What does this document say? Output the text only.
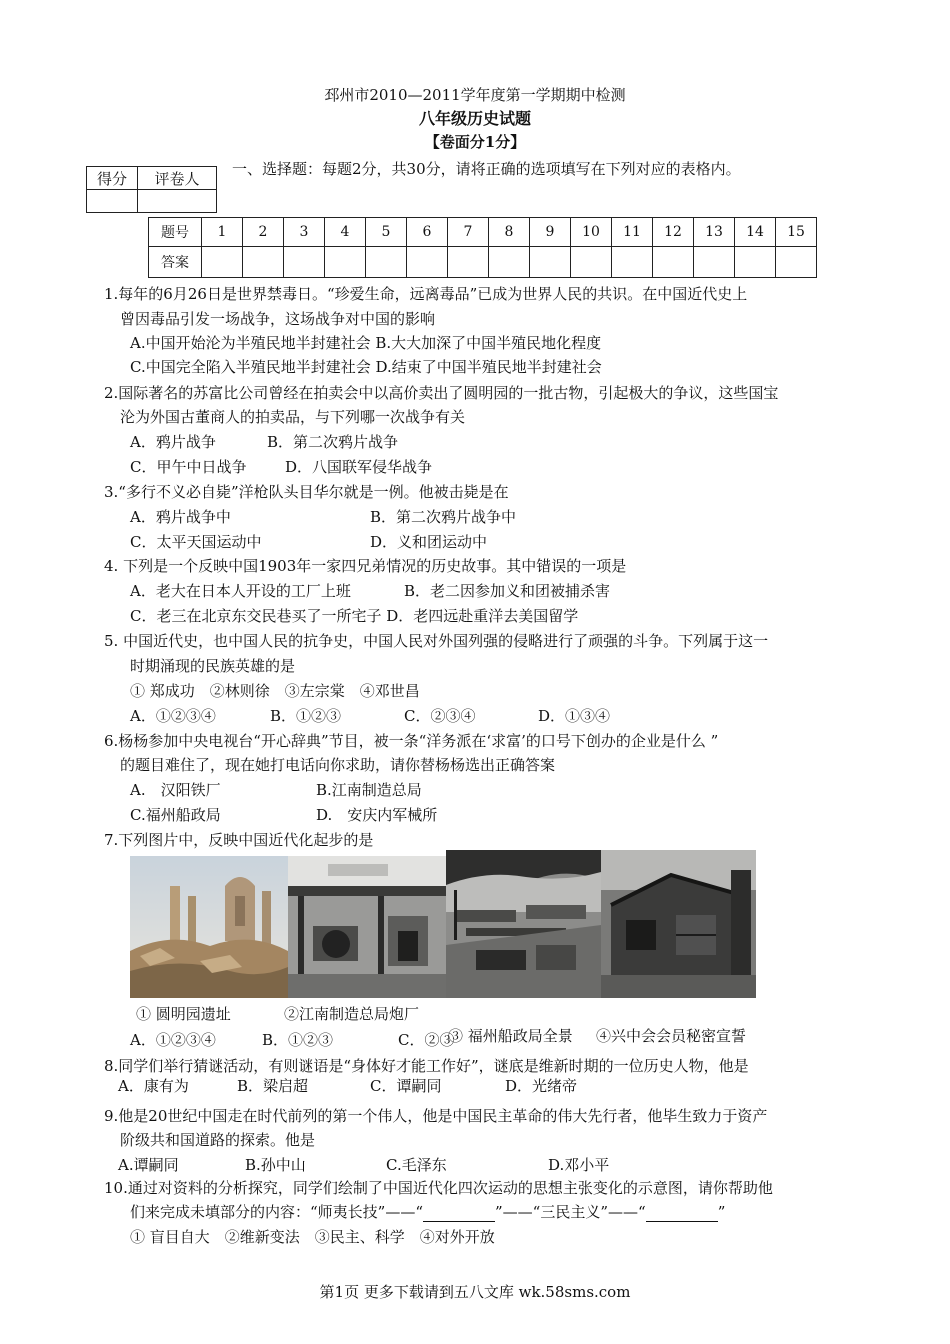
邳州市2010—2011学年度第一学期期中检测
八年级历史试题
【卷面分1分】
得分	评卷人

一、选择题：每题2分，共30分，请将正确的选项填写在下列对应的表格内。
题号	1	2	3	4	5	6	7	8	9	10	11	12	13	14	15
答案															
1.每年的6月26日是世界禁毒日。“珍爱生命，远离毒品”已成为世界人民的共识。在中国近代史上
曾因毒品引发一场战争，这场战争对中国的影响
A.中国开始沦为半殖民地半封建社会 B.大大加深了中国半殖民地化程度
C.中国完全陷入半殖民地半封建社会 D.结束了中国半殖民地半封建社会
2.国际著名的苏富比公司曾经在拍卖会中以高价卖出了圆明园的一批古物，引起极大的争议，这些国宝
沦为外国古董商人的拍卖品，与下列哪一次战争有关
A．鸦片战争	B．第二次鸦片战争
C．甲午中日战争	D．八国联军侵华战争
3.“多行不义必自毙”洋枪队头目华尔就是一例。他被击毙是在
A．鸦片战争中	B．第二次鸦片战争中
C．太平天国运动中	D．义和团运动中
4. 下列是一个反映中国1903年一家四兄弟情况的历史故事。其中错误的一项是
A．老大在日本人开设的工厂上班	B．老二因参加义和团被捕杀害
C．老三在北京东交民巷买了一所宅子 D．老四远赴重洋去美国留学
5. 中国近代史，也中国人民的抗争史，中国人民对外国列强的侵略进行了顽强的斗争。下列属于这一
时期涌现的民族英雄的是
① 郑成功　②林则徐　③左宗棠　④邓世昌
A．①②③④	B．①②③	C．②③④	D．①③④
6.杨杨参加中央电视台“开心辞典”节目，被一条“洋务派在‘求富’的口号下创办的企业是什么 ”
的题目难住了，现在她打电话向你求助，请你替杨杨选出正确答案
A.　汉阳铁厂	B.江南制造总局
C.福州船政局	D.　安庆内军械所
7.下列图片中，反映中国近代化起步的是
① 圆明园遗址	②江南制造总局炮厂
A．①②③④	B．①②③	C．②③
③ 福州船政局全景 ④兴中会会员秘密宣誓
8.同学们举行猜谜活动，有则谜语是“身体好才能工作好”，谜底是维新时期的一位历史人物，他是
A．康有为	B．梁启超	C．谭嗣同	D．光绪帝
9.他是20世纪中国走在时代前列的第一个伟人，他是中国民主革命的伟大先行者，他毕生致力于资产
阶级共和国道路的探索。他是
A.谭嗣同	B.孙中山	C.毛泽东	D.邓小平
10.通过对资料的分析探究，同学们绘制了中国近代化四次运动的思想主张变化的示意图，请你帮助他
们来完成未填部分的内容：“师夷长技”——“	”——“三民主义”——“	”
① 盲目自大　②维新变法　③民主、科学　④对外开放
第1页 更多下载请到五八文库 wk.58sms.com
